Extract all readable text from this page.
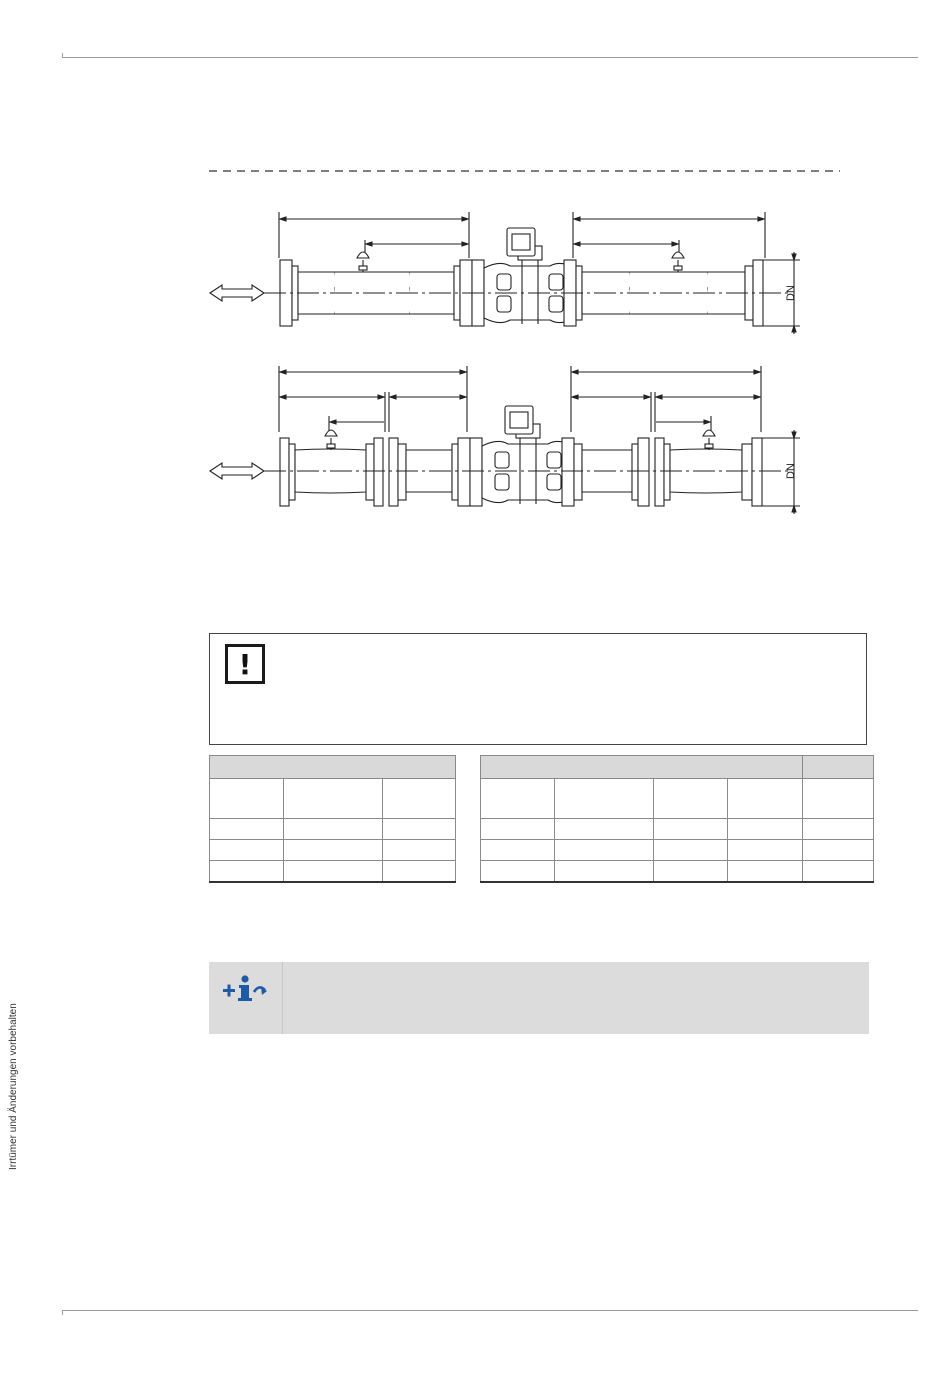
DN
DN
!

Irrtümer und Änderungen vorbehalten
